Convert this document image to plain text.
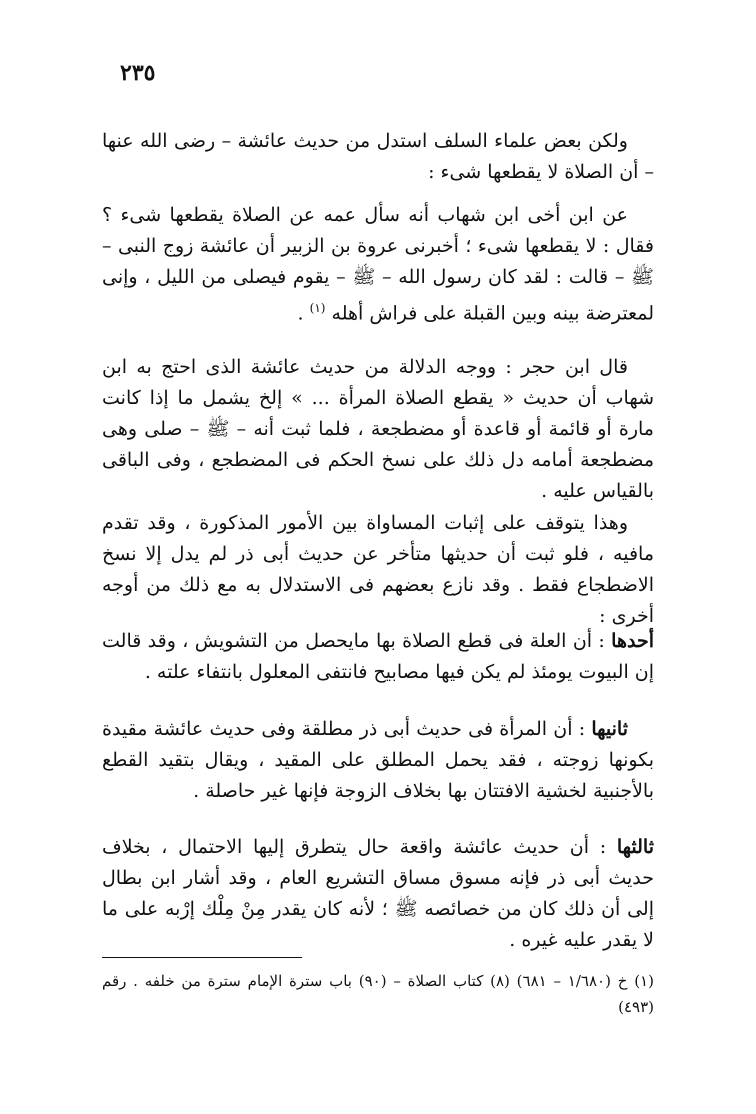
٢٣٥

ولكن بعض علماء السلف استدل من حديث عائشة – رضى الله عنها – أن الصلاة لا يقطعها شىء :

عن ابن أخى ابن شهاب أنه سأل عمه عن الصلاة يقطعها شىء ؟ فقال : لا يقطعها شىء ؛ أخبرنى عروة بن الزبير أن عائشة زوج النبى – ﷺ – قالت : لقد كان رسول الله – ﷺ – يقوم فيصلى من الليل ، وإنى لمعترضة بينه وبين القبلة على فراش أهله $^{(١)}$ .

قال ابن حجر : ووجه الدلالة من حديث عائشة الذى احتج به ابن شهاب أن حديث « يقطع الصلاة المرأة ... » إلخ يشمل ما إذا كانت مارة أو قائمة أو قاعدة أو مضطجعة ، فلما ثبت أنه – ﷺ – صلى وهى مضطجعة أمامه دل ذلك على نسخ الحكم فى المضطجع ، وفى الباقى بالقياس عليه .

وهذا يتوقف على إثبات المساواة بين الأمور المذكورة ، وقد تقدم مافيه ، فلو ثبت أن حديثها متأخر عن حديث أبى ذر لم يدل إلا نسخ الاضطجاع فقط . وقد نازع بعضهم فى الاستدلال به مع ذلك من أوجه أخرى :

أحدها : أن العلة فى قطع الصلاة بها مايحصل من التشويش ، وقد قالت إن البيوت يومئذ لم يكن فيها مصابيح فانتفى المعلول بانتفاء علته .

ثانيها : أن المرأة فى حديث أبى ذر مطلقة وفى حديث عائشة مقيدة بكونها زوجته ، فقد يحمل المطلق على المقيد ، ويقال بتقيد القطع بالأجنبية لخشية الافتتان بها بخلاف الزوجة فإنها غير حاصلة .

ثالثها : أن حديث عائشة واقعة حال يتطرق إليها الاحتمال ، بخلاف حديث أبى ذر فإنه مسوق مساق التشريع العام ، وقد أشار ابن بطال إلى أن ذلك كان من خصائصه ﷺ ؛ لأنه كان يقدر مِنْ مِلْك إرْبه على ما لا يقدر عليه غيره .

(١) خ (١/٦٨٠ – ٦٨١) (٨) كتاب الصلاة – (٩٠) باب سترة الإمام سترة من خلفه . رقم (٤٩٣)
